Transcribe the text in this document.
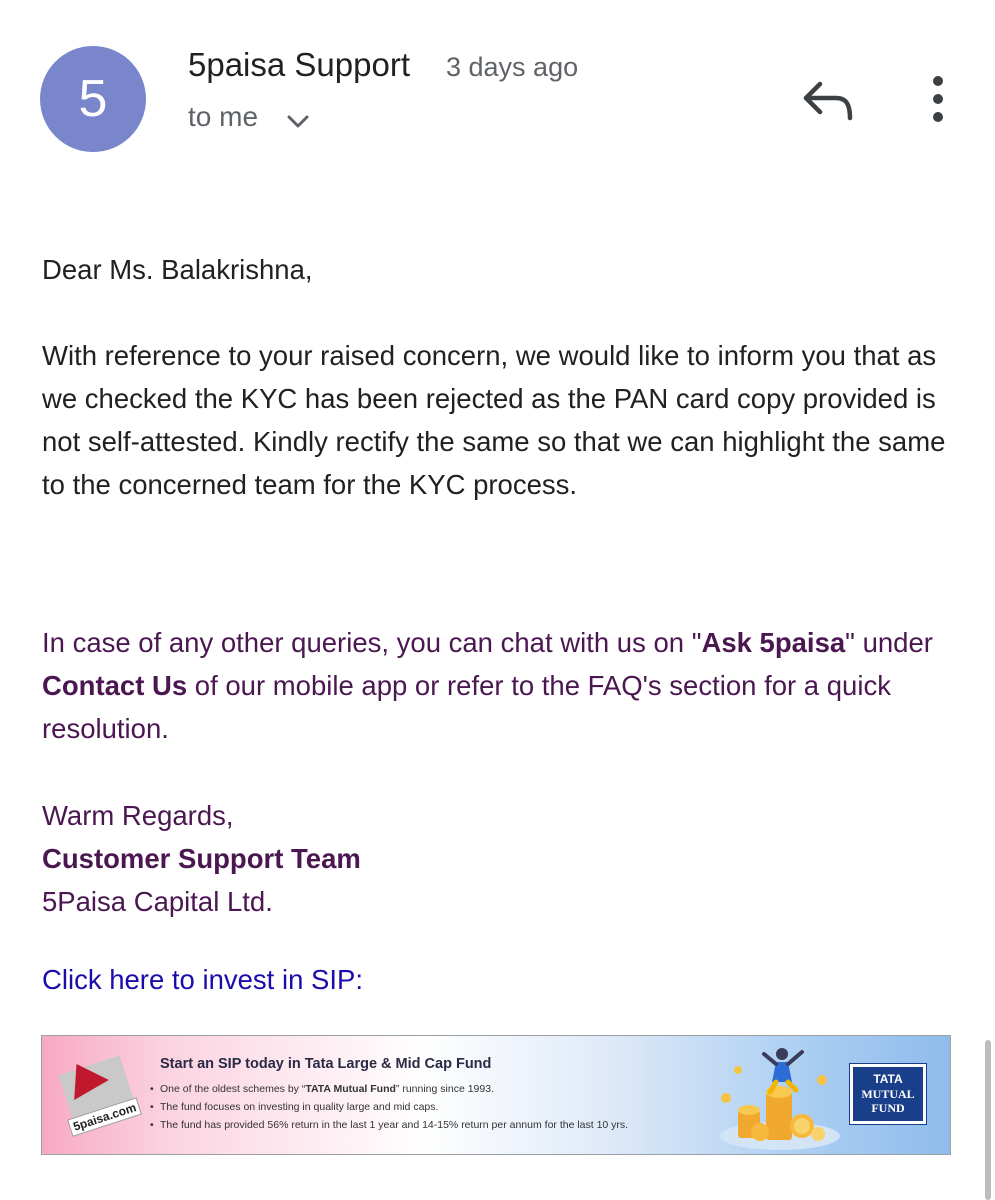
5
5paisa Support 3 days ago
to me

Dear Ms. Balakrishna,

With reference to your raised concern, we would like to inform you that as we checked the KYC has been rejected as the PAN card copy provided is not self-attested. Kindly rectify the same so that we can highlight the same to the concerned team for the KYC process.

In case of any other queries, you can chat with us on "Ask 5paisa" under Contact Us of our mobile app or refer to the FAQ's section for a quick resolution.

Warm Regards,

Customer Support Team

5Paisa Capital Ltd.

Click here to invest in SIP:

5paisa.com
Start an SIP today in Tata Large & Mid Cap Fund
• One of the oldest schemes by “TATA Mutual Fund” running since 1993.
• The fund focuses on investing in quality large and mid caps.
• The fund has provided 56% return in the last 1 year and 14-15% return per annum for the last 10 yrs.
TATA
MUTUAL
FUND
